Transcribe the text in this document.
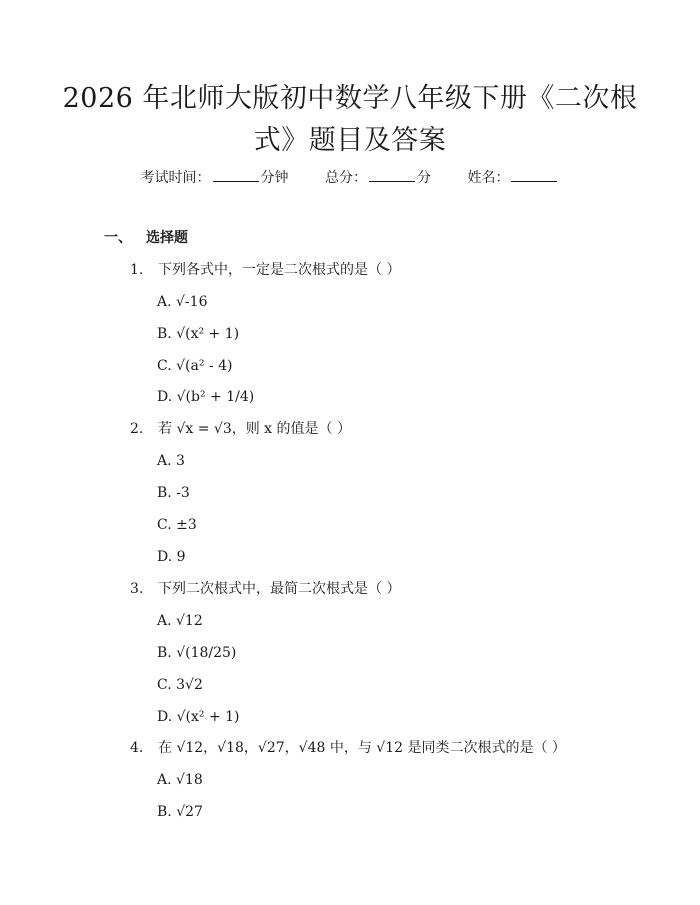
2026 年北师大版初中数学八年级下册《二次根式》题目及答案
考试时间：	分钟	总分：	分	姓名：
一、 选择题
1. 下列各式中，一定是二次根式的是（ ）
A. √-16
B. √(x² + 1)
C. √(a² - 4)
D. √(b² + 1/4)
2. 若 √x = √3，则 x 的值是（ ）
A. 3
B. -3
C. ±3
D. 9
3. 下列二次根式中，最简二次根式是（ ）
A. √12
B. √(18/25)
C. 3√2
D. √(x² + 1)
4. 在 √12，√18，√27，√48 中，与 √12 是同类二次根式的是（ ）
A. √18
B. √27
